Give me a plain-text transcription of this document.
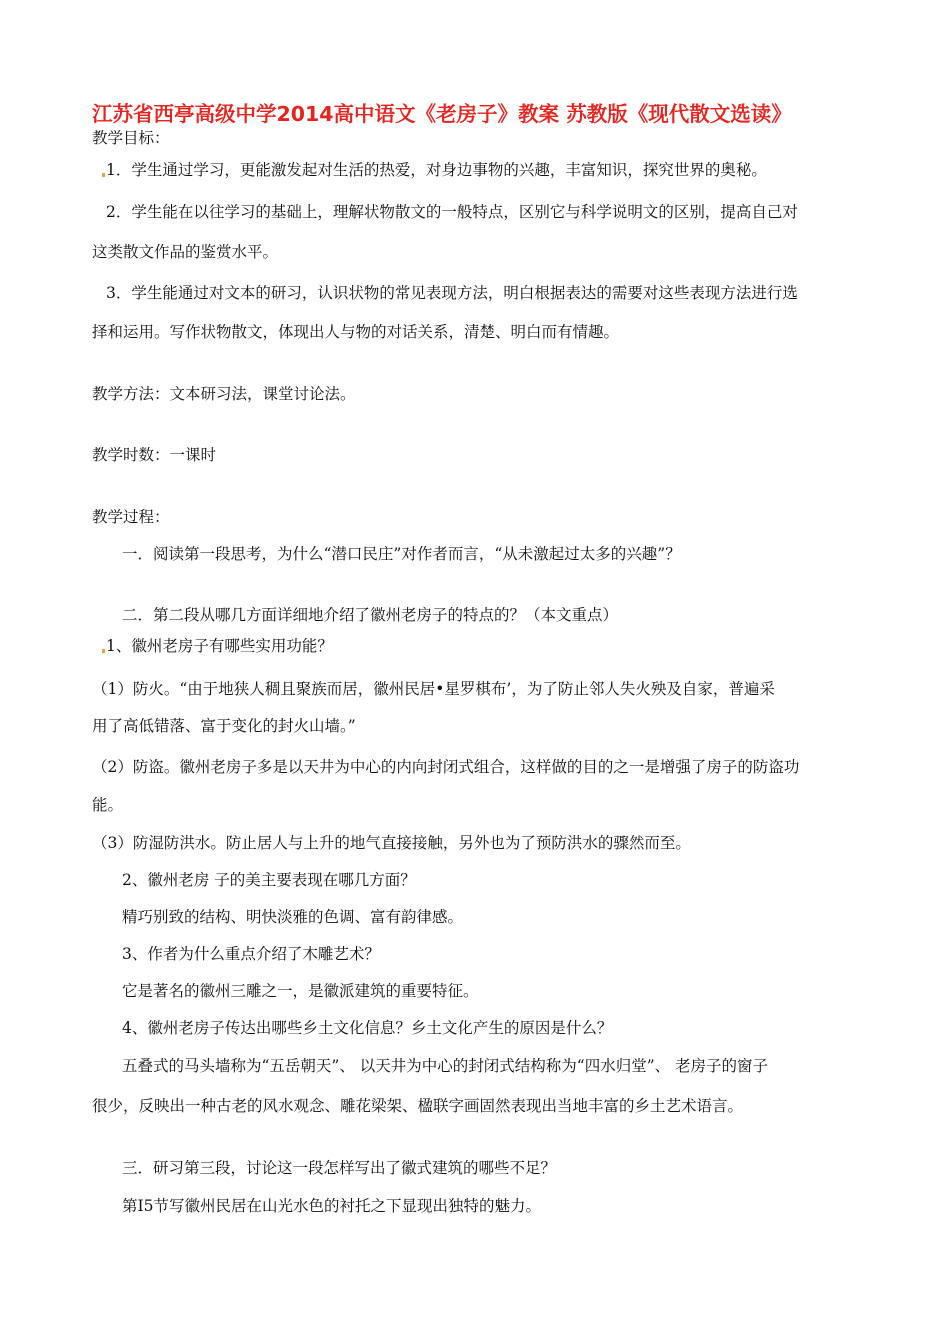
江苏省西亭高级中学2014高中语文《老房子》教案 苏教版《现代散文选读》
教学目标：
1．学生通过学习，更能激发起对生活的热爱，对身边事物的兴趣，丰富知识，探究世界的奥秘。
2．学生能在以往学习的基础上，理解状物散文的一般特点，区别它与科学说明文的区别，提高自己对
这类散文作品的鉴赏水平。
3．学生能通过对文本的研习，认识状物的常见表现方法，明白根据表达的需要对这些表现方法进行选
择和运用。写作状物散文，体现出人与物的对话关系，清楚、明白而有情趣。
教学方法：文本研习法，课堂讨论法。
教学时数：一课时
教学过程：
一．阅读第一段思考，为什么“潜口民庄”对作者而言，“从未激起过太多的兴趣”？
二．第二段从哪几方面详细地介绍了徽州老房子的特点的？（本文重点）
1、徽州老房子有哪些实用功能？
（1）防火。“由于地狭人稠且聚族而居，徽州民居•星罗棋布’，为了防止邻人失火殃及自家，普遍采
用了高低错落、富于变化的封火山墙。”
（2）防盗。徽州老房子多是以天井为中心的内向封闭式组合，这样做的目的之一是增强了房子的防盗功
能。
（3）防湿防洪水。防止居人与上升的地气直接接触，另外也为了预防洪水的骤然而至。
2、徽州老房 子的美主要表现在哪几方面？
精巧别致的结构、明快淡雅的色调、富有韵律感。
3、作者为什么重点介绍了木雕艺术？
它是著名的徽州三雕之一，是徽派建筑的重要特征。
4、徽州老房子传达出哪些乡土文化信息？乡土文化产生的原因是什么？
五叠式的马头墙称为“五岳朝天”、 以天井为中心的封闭式结构称为“四水归堂”、 老房子的窗子
很少，反映出一种古老的风水观念、雕花梁架、楹联字画固然表现出当地丰富的乡土艺术语言。
三．研习第三段，讨论这一段怎样写出了徽式建筑的哪些不足？
第I5节写徽州民居在山光水色的衬托之下显现出独特的魅力。
